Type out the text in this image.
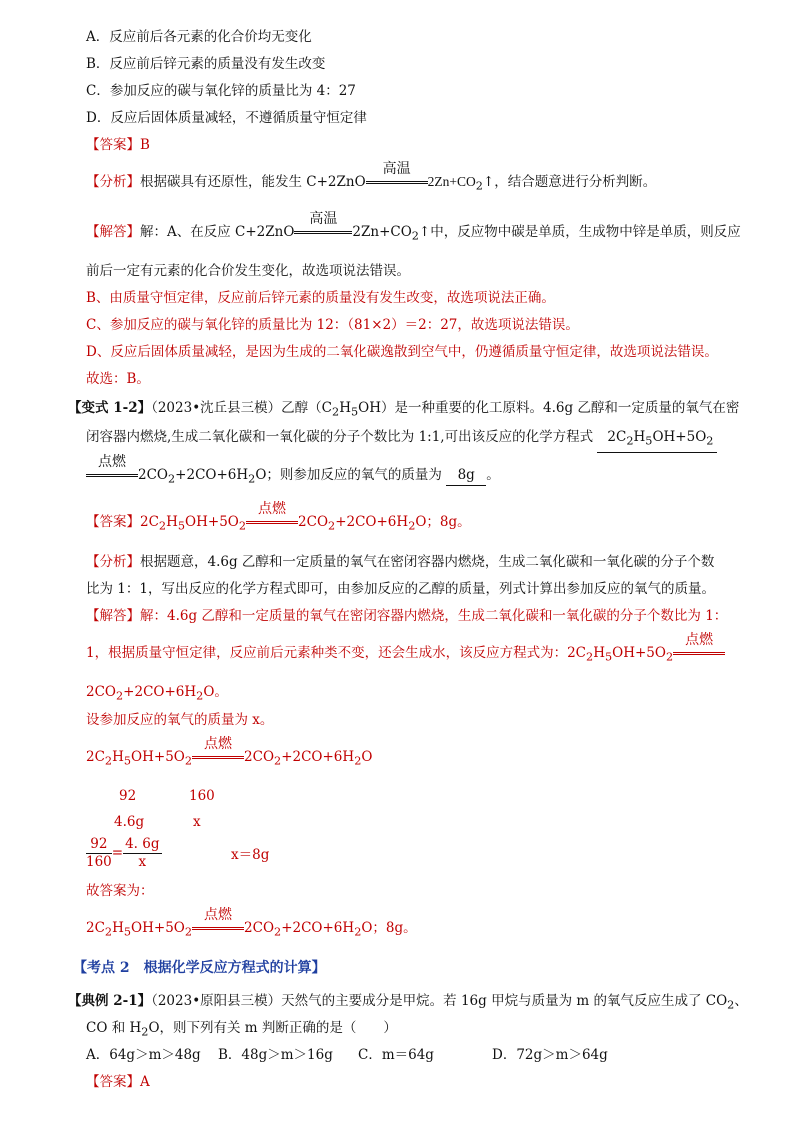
A．反应前后各元素的化合价均无变化
B．反应前后锌元素的质量没有发生改变
C．参加反应的碳与氧化锌的质量比为 4：27
D．反应后固体质量减轻，不遵循质量守恒定律
【答案】B
【分析】根据碳具有还原性，能发生 C+2ZnO
高温
$2Zn+CO_2↑$，结合题意进行分析判断。
【解答】解：A、在反应 C+2ZnO
高温
$2Zn+CO_2↑$中，反应物中碳是单质，生成物中锌是单质，则反应
前后一定有元素的化合价发生变化，故选项说法错误。
B、由质量守恒定律，反应前后锌元素的质量没有发生改变，故选项说法正确。
C、参加反应的碳与氧化锌的质量比为 12：（81×2）＝2：27，故选项说法错误。
D、反应后固体质量减轻，是因为生成的二氧化碳逸散到空气中，仍遵循质量守恒定律，故选项说法错误。
故选：B。
【变式 1-2】（2023•沈丘县三模）乙醇$(C_2H_5OH)$是一种重要的化工原料。4.6g 乙醇和一定质量的氧气在密
闭容器内燃烧,生成二氧化碳和一氧化碳的分子个数比为 1:1,可出该反应的化学方程式 $2C_2H_5OH+5O_2$
点燃
$2CO_2+2CO+6H_2O$；则参加反应的氧气的质量为 8g 。
【答案】$2C_2H_5OH+5O_2$
点燃
$2CO_2+2CO+6H_2O$；8g。
【分析】根据题意，4.6g 乙醇和一定质量的氧气在密闭容器内燃烧，生成二氧化碳和一氧化碳的分子个数
比为 1：1，写出反应的化学方程式即可，由参加反应的乙醇的质量，列式计算出参加反应的氧气的质量。
【解答】解：4.6g 乙醇和一定质量的氧气在密闭容器内燃烧，生成二氧化碳和一氧化碳的分子个数比为 1：
1，根据质量守恒定律，反应前后元素种类不变，还会生成水，该反应方程式为：$2C_2H_5OH+5O_2$
点燃
$2CO_2+2CO+6H_2O$。
设参加反应的氧气的质量为 x。
$2C_2H_5OH+5O_2$
点燃
$2CO_2+2CO+6H_2O$
92	160
4.6g	x
$\frac{92}{160} = \frac{4. 6g}{x}$	x＝8g
故答案为：
$2C_2H_5OH+5O_2$
点燃
$2CO_2+2CO+6H_2O$；8g。
【考点 2　根据化学反应方程式的计算】
【典例 2-1】（2023•原阳县三模）天然气的主要成分是甲烷。若 16g 甲烷与质量为 m 的氧气反应生成了 $CO_2$、
CO 和 $H_2O$，则下列有关 m 判断正确的是（　　）
A．64g＞m＞48g B．48g＞m＞16g C．m＝64g	D．72g＞m＞64g
【答案】A
